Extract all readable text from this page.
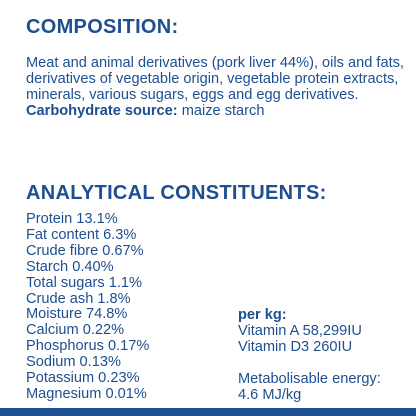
COMPOSITION:

Meat and animal derivatives (pork liver 44%), oils and fats, derivatives of vegetable origin, vegetable protein extracts, minerals, various sugars, eggs and egg derivatives.

Carbohydrate source: maize starch

ANALYTICAL CONSTITUENTS:
Protein 13.1%
Fat content 6.3%
Crude fibre 0.67%
Starch 0.40%
Total sugars 1.1%
Crude ash 1.8%
Moisture 74.8%
Calcium 0.22%
Phosphorus 0.17%
Sodium 0.13%
Potassium 0.23%
Magnesium 0.01%
per kg:
Vitamin A 58,299IU
Vitamin D3 260IU
Metabolisable energy:
4.6 MJ/kg
